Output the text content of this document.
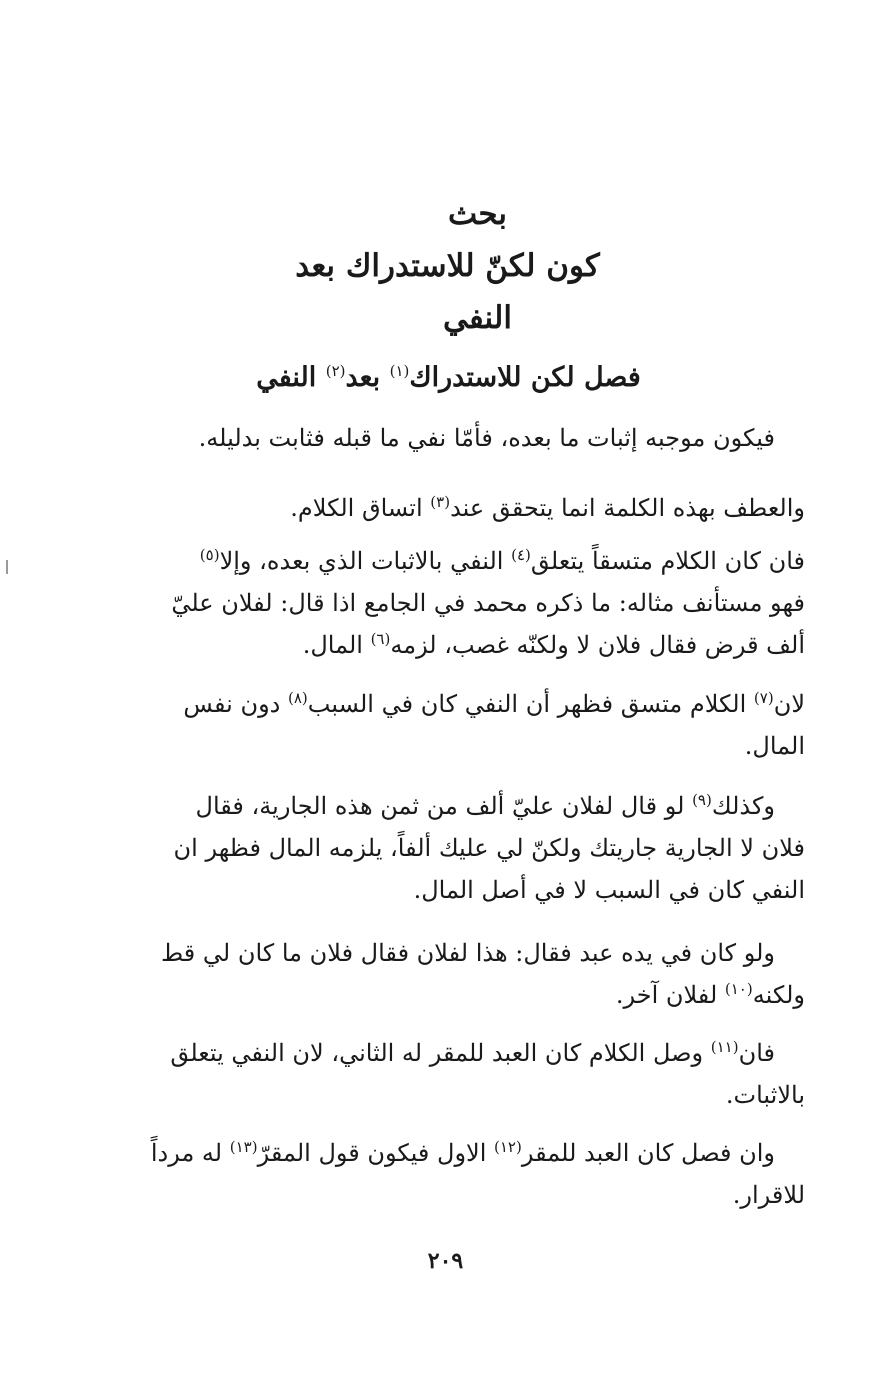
بحث
كون لكنّ للاستدراك بعد
النفي
فصل لكن للاستدراك$^{(١)}$ بعد$^{(٢)}$ النفي
فيكون موجبه إثبات ما بعده، فأمّا نفي ما قبله فثابت بدليله.
والعطف بهذه الكلمة انما يتحقق عند$^{(٣)}$ اتساق الكلام.
فان كان الكلام متسقاً يتعلق$^{(٤)}$ النفي بالاثبات الذي بعده، وإلا$^{(٥)}$
فهو مستأنف مثاله: ما ذكره محمد في الجامع اذا قال: لفلان عليّ
ألف قرض فقال فلان لا ولكنّه غصب، لزمه$^{(٦)}$ المال.
لان$^{(٧)}$ الكلام متسق فظهر أن النفي كان في السبب$^{(٨)}$ دون نفس
المال.
وكذلك$^{(٩)}$ لو قال لفلان عليّ ألف من ثمن هذه الجارية، فقال
فلان لا الجارية جاريتك ولكنّ لي عليك ألفاً، يلزمه المال فظهر ان
النفي كان في السبب لا في أصل المال.
ولو كان في يده عبد فقال: هذا لفلان فقال فلان ما كان لي قط
ولكنه$^{(١٠)}$ لفلان آخر.
فان$^{(١١)}$ وصل الكلام كان العبد للمقر له الثاني، لان النفي يتعلق
بالاثبات.
وان فصل كان العبد للمقر$^{(١٢)}$ الاول فيكون قول المقرّ$^{(١٣)}$ له مرداً
للاقرار.
٢٠٩
